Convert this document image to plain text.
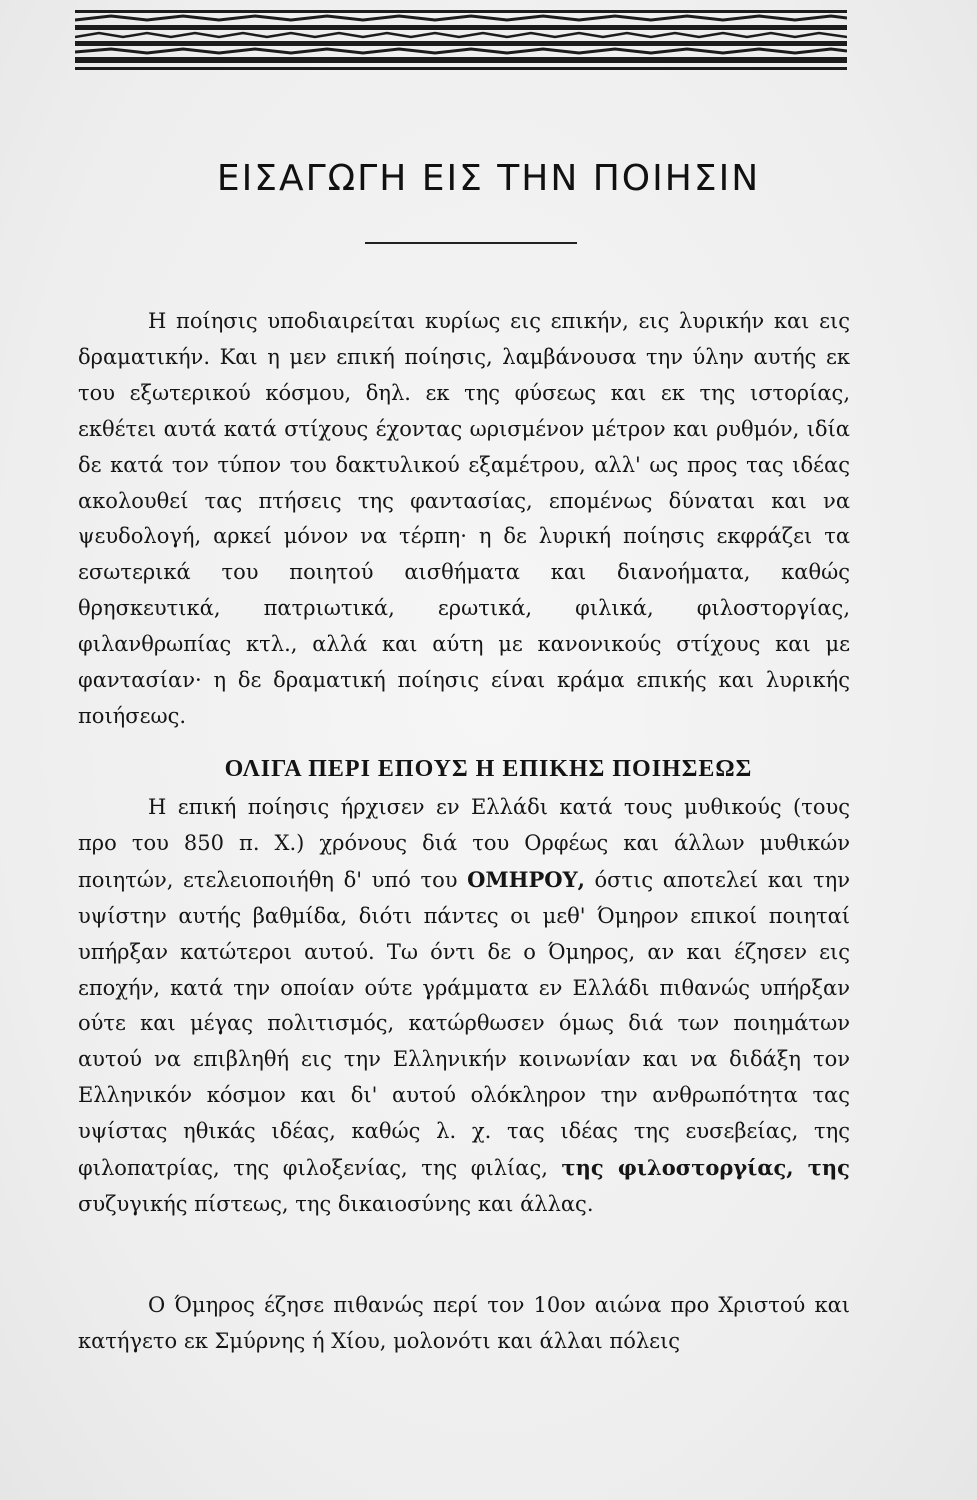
ΕΙΣΑΓΩΓΗ ΕΙΣ ΤΗΝ ΠΟΙΗΣΙΝ

Η ποίησις υποδιαιρείται κυρίως εις επικήν, εις λυρικήν και εις δραματικήν. Και η μεν επική ποίησις, λαμβάνουσα την ύλην αυτής εκ του εξωτερικού κόσμου, δηλ. εκ της φύσεως και εκ της ιστορίας, εκθέτει αυτά κατά στίχους έχοντας ωρισμένον μέτρον και ρυθμόν, ιδία δε κατά τον τύπον του δακτυλικού εξαμέτρου, αλλ' ως προς τας ιδέας ακολουθεί τας πτήσεις της φαντασίας, επομένως δύναται και να ψευδολογή, αρκεί μόνον να τέρπη· η δε λυρική ποίησις εκφράζει τα εσωτερικά του ποιητού αισθήματα και διανοήματα, καθώς θρησκευτικά, πατριωτικά, ερωτικά, φιλικά, φιλοστοργίας, φιλανθρωπίας κτλ., αλλά και αύτη με κανονικούς στίχους και με φαντασίαν· η δε δραματική ποίησις είναι κράμα επικής και λυρικής ποιήσεως.

ΟΛΙΓΑ ΠΕΡΙ ΕΠΟΥΣ Η ΕΠΙΚΗΣ ΠΟΙΗΣΕΩΣ

Η επική ποίησις ήρχισεν εν Ελλάδι κατά τους μυθικούς (τους προ του 850 π. Χ.) χρόνους διά του Ορφέως και άλλων μυθικών ποιητών, ετελειοποιήθη δ' υπό του ΟΜΗΡΟΥ, όστις αποτελεί και την υψίστην αυτής βαθμίδα, διότι πάντες οι μεθ' Όμηρον επικοί ποιηταί υπήρξαν κατώτεροι αυτού. Τω όντι δε ο Όμηρος, αν και έζησεν εις εποχήν, κατά την οποίαν ούτε γράμματα εν Ελλάδι πιθανώς υπήρξαν ούτε και μέγας πολιτισμός, κατώρθωσεν όμως διά των ποιημάτων αυτού να επιβληθή εις την Ελληνικήν κοινωνίαν και να διδάξη τον Ελληνικόν κόσμον και δι' αυτού ολόκληρον την ανθρωπότητα τας υψίστας ηθικάς ιδέας, καθώς λ. χ. τας ιδέας της ευσεβείας, της φιλοπατρίας, της φιλοξενίας, της φιλίας, της φιλοστοργίας, της συζυγικής πίστεως, της δικαιοσύνης και άλλας.

Ο Όμηρος έζησε πιθανώς περί τον 10ον αιώνα προ Χριστού και κατήγετο εκ Σμύρνης ή Χίου, μολονότι και άλλαι πόλεις
